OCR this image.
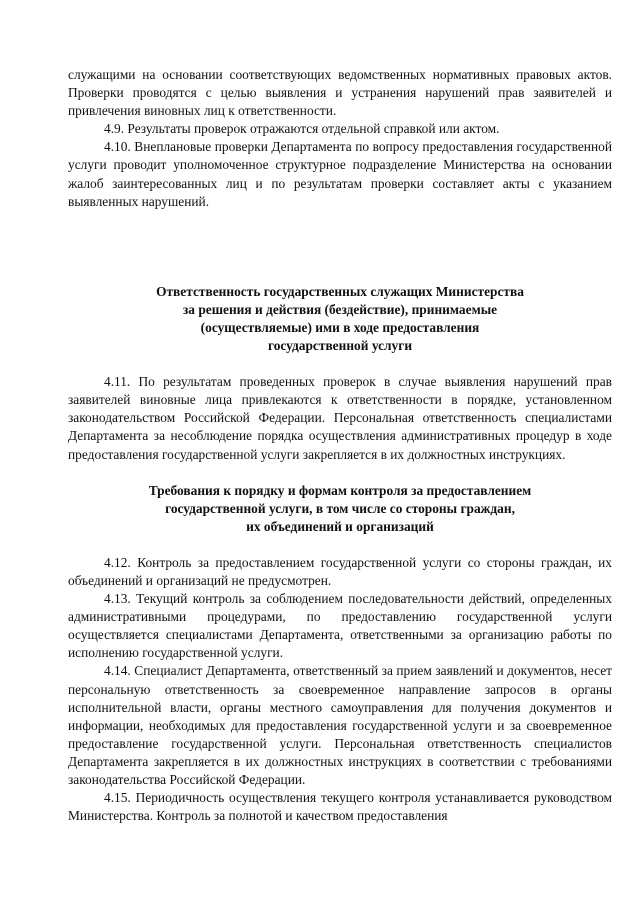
служащими на основании соответствующих ведомственных нормативных правовых актов. Проверки проводятся с целью выявления и устранения нарушений прав заявителей и привлечения виновных лиц к ответственности.

4.9. Результаты проверок отражаются отдельной справкой или актом.

4.10. Внеплановые проверки Департамента по вопросу предоставления государственной услуги проводит уполномоченное структурное подразделение Министерства на основании жалоб заинтересованных лиц и по результатам проверки составляет акты с указанием выявленных нарушений.

Ответственность государственных служащих Министерства
за решения и действия (бездействие), принимаемые
(осуществляемые) ими в ходе предоставления
государственной услуги

4.11. По результатам проведенных проверок в случае выявления нарушений прав заявителей виновные лица привлекаются к ответственности в порядке, установленном законодательством Российской Федерации. Персональная ответственность специалистами Департамента за несоблюдение порядка осуществления административных процедур в ходе предоставления государственной услуги закрепляется в их должностных инструкциях.

Требования к порядку и формам контроля за предоставлением
государственной услуги, в том числе со стороны граждан,
их объединений и организаций

4.12. Контроль за предоставлением государственной услуги со стороны граждан, их объединений и организаций не предусмотрен.

4.13. Текущий контроль за соблюдением последовательности действий, определенных административными процедурами, по предоставлению государственной услуги осуществляется специалистами Департамента, ответственными за организацию работы по исполнению государственной услуги.

4.14. Специалист Департамента, ответственный за прием заявлений и документов, несет персональную ответственность за своевременное направление запросов в органы исполнительной власти, органы местного самоуправления для получения документов и информации, необходимых для предоставления государственной услуги и за своевременное предоставление государственной услуги. Персональная ответственность специалистов Департамента закрепляется в их должностных инструкциях в соответствии с требованиями законодательства Российской Федерации.

4.15. Периодичность осуществления текущего контроля устанавливается руководством Министерства. Контроль за полнотой и качеством предоставления
